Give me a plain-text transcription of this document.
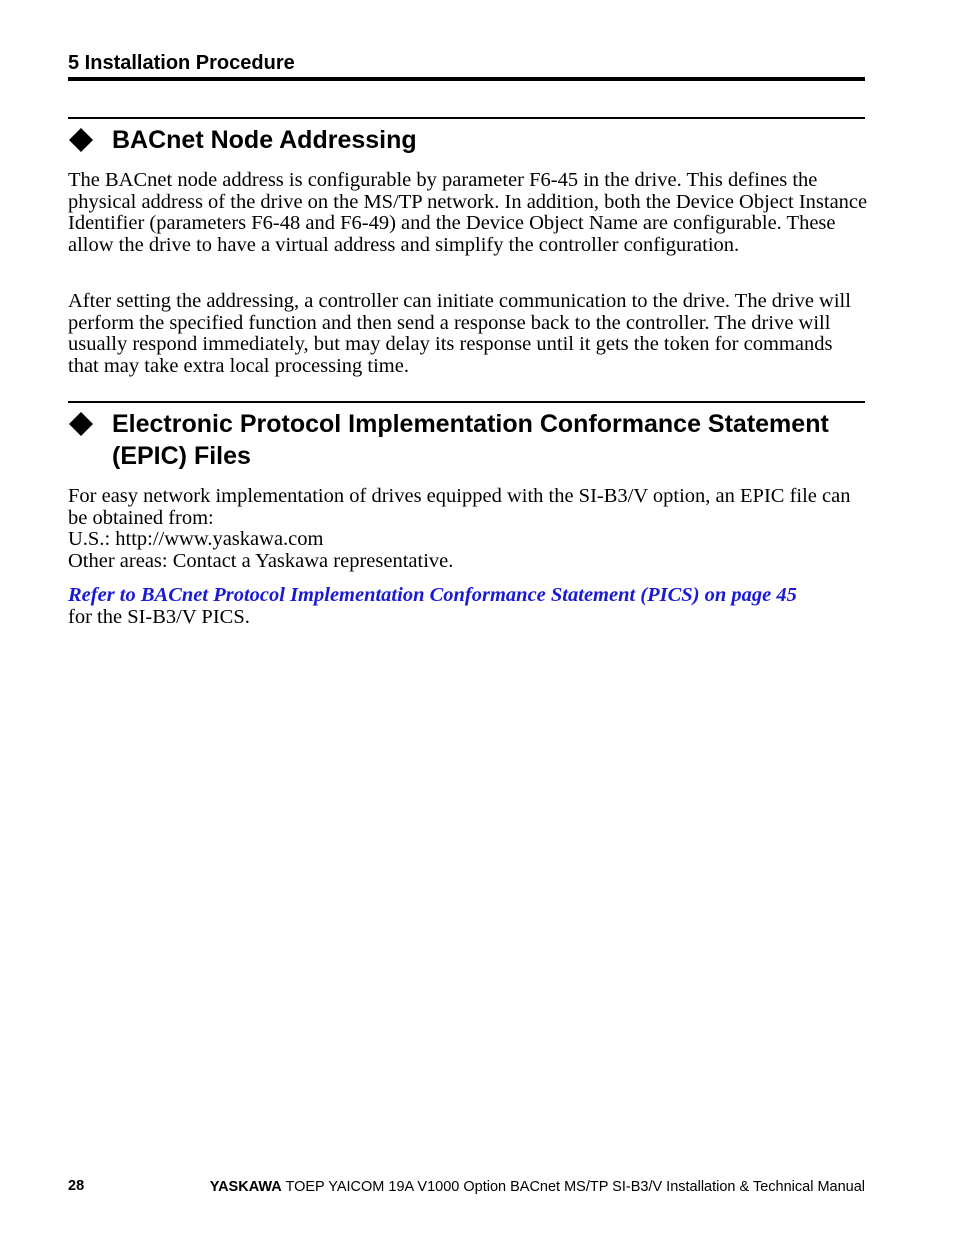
5 Installation Procedure
BACnet Node Addressing

The BACnet node address is configurable by parameter F6-45 in the drive. This defines the physical address of the drive on the MS/TP network. In addition, both the Device Object Instance Identifier (parameters F6-48 and F6-49) and the Device Object Name are configurable. These allow the drive to have a virtual address and simplify the controller configuration.

After setting the addressing, a controller can initiate communication to the drive. The drive will perform the specified function and then send a response back to the controller. The drive will usually respond immediately, but may delay its response until it gets the token for commands that may take extra local processing time.

Electronic Protocol Implementation Conformance Statement
(EPIC) Files
For easy network implementation of drives equipped with the SI-B3/V option, an EPIC file can be obtained from:
U.S.: http://www.yaskawa.com
Other areas: Contact a Yaskawa representative.
Refer to BACnet Protocol Implementation Conformance Statement (PICS) on page 45
for the SI-B3/V PICS.
28	YASKAWA TOEP YAICOM 19A V1000 Option BACnet MS/TP SI-B3/V Installation & Technical Manual
